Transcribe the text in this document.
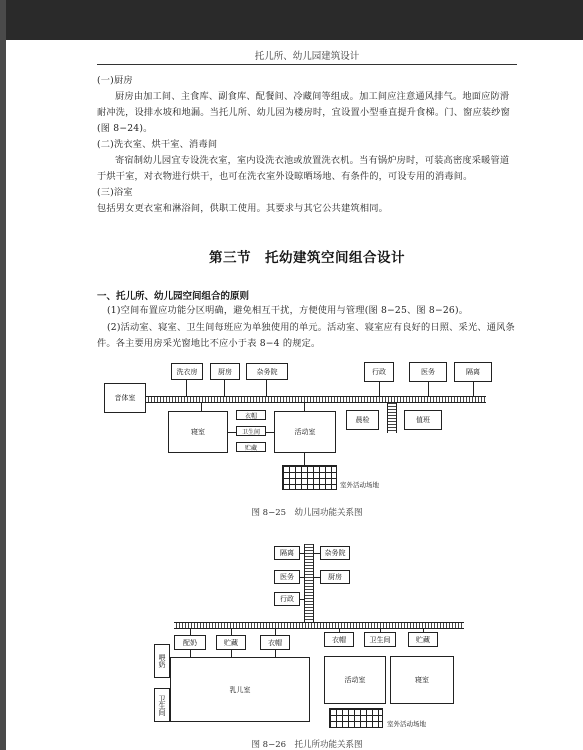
托儿所、幼儿园建筑设计
(一)厨房
厨房由加工间、主食库、副食库、配餐间、冷藏间等组成。加工间应注意通风排气。地面应防滑耐冲洗，设排水坡和地漏。当托儿所、幼儿园为楼房时，宜设置小型垂直提升食梯。门、窗应装纱窗(图 8−24)。
(二)洗衣室、烘干室、消毒间
寄宿制幼儿园宜专设洗衣室，室内设洗衣池或放置洗衣机。当有锅炉房时，可装高密度采暖管道于烘干室，对衣物进行烘干，也可在洗衣室外设晾晒场地、有条件的，可设专用的消毒间。
(三)浴室
包括男女更衣室和淋浴间，供职工使用。其要求与其它公共建筑相同。
第三节　托幼建筑空间组合设计
一、托儿所、幼儿园空间组合的原则
(1)空间布置应功能分区明确，避免相互干扰，方便使用与管理(图 8−25、图 8−26)。
(2)活动室、寝室、卫生间每班应为单独使用的单元。活动室、寝室应有良好的日照、采光、通风条件。各主要用房采光窗地比不应小于表 8−4 的规定。
音体室
洗衣房	厨房	杂务院	行政	医务	隔离
晨检	值班
寝室
衣帽
卫生间
贮藏
活动室
室外活动场地
图 8−25　幼儿园功能关系图
隔离	杂务院
医务	厨房
行政
配奶	贮藏	衣帽
喂奶
卫生间
乳儿室
衣帽	卫生间	贮藏
活动室	寝室
室外活动场地
图 8−26　托儿所功能关系图
